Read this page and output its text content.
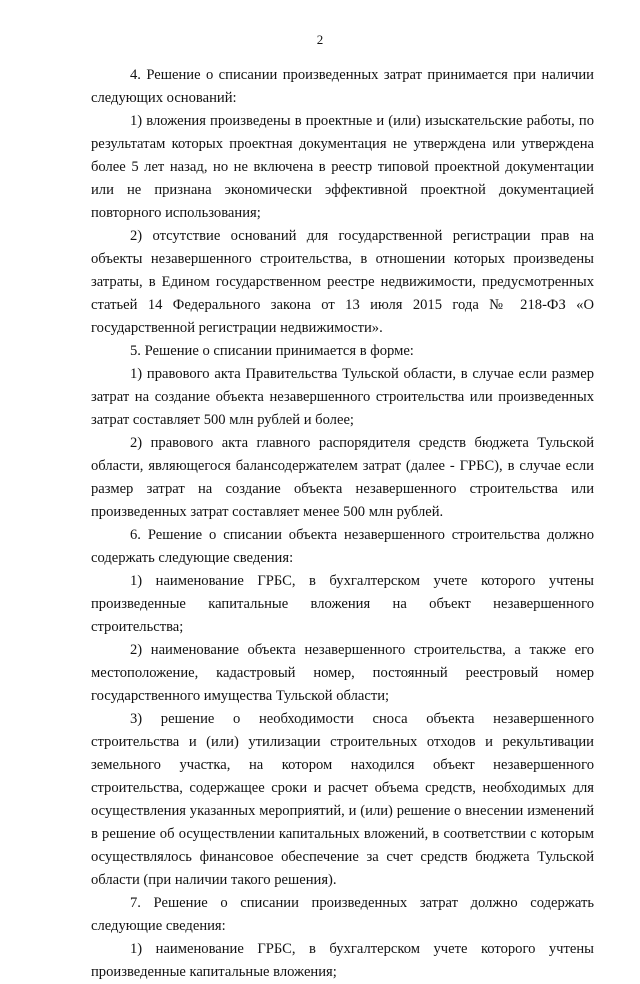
2

4. Решение о списании произведенных затрат принимается при наличии следующих оснований:

1) вложения произведены в проектные и (или) изыскательские работы, по результатам которых проектная документация не утверждена или утверждена более 5 лет назад, но не включена в реестр типовой проектной документации или не признана экономически эффективной проектной документацией повторного использования;

2) отсутствие оснований для государственной регистрации прав на объекты незавершенного строительства, в отношении которых произведены затраты, в Едином государственном реестре недвижимости, предусмотренных статьей 14 Федерального закона от 13 июля 2015 года № 218-ФЗ «О государственной регистрации недвижимости».

5. Решение о списании принимается в форме:

1) правового акта Правительства Тульской области, в случае если размер затрат на создание объекта незавершенного строительства или произведенных затрат составляет 500 млн рублей и более;

2) правового акта главного распорядителя средств бюджета Тульской области, являющегося балансодержателем затрат (далее - ГРБС), в случае если размер затрат на создание объекта незавершенного строительства или произведенных затрат составляет менее 500 млн рублей.

6. Решение о списании объекта незавершенного строительства должно содержать следующие сведения:

1) наименование ГРБС, в бухгалтерском учете которого учтены произведенные капитальные вложения на объект незавершенного строительства;

2) наименование объекта незавершенного строительства, а также его местоположение, кадастровый номер, постоянный реестровый номер государственного имущества Тульской области;

3) решение о необходимости сноса объекта незавершенного строительства и (или) утилизации строительных отходов и рекультивации земельного участка, на котором находился объект незавершенного строительства, содержащее сроки и расчет объема средств, необходимых для осуществления указанных мероприятий, и (или) решение о внесении изменений в решение об осуществлении капитальных вложений, в соответствии с которым осуществлялось финансовое обеспечение за счет средств бюджета Тульской области (при наличии такого решения).

7. Решение о списании произведенных затрат должно содержать следующие сведения:

1) наименование ГРБС, в бухгалтерском учете которого учтены произведенные капитальные вложения;
